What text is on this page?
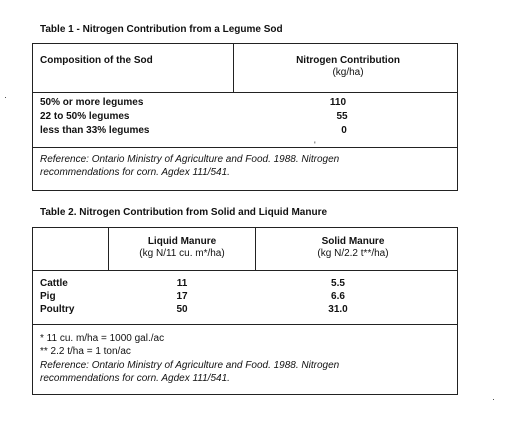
Table 1 - Nitrogen Contribution from a Legume Sod
Composition of the Sod	Nitrogen Contribution
(kg/ha)
50% or more legumes
22 to 50% legumes
less than 33% legumes
110
55
0
Reference: Ontario Ministry of Agriculture and Food. 1988. Nitrogen
recommendations for corn. Agdex 111/541.
Table 2. Nitrogen Contribution from Solid and Liquid Manure
Liquid Manure
(kg N/11 cu. m*/ha)
Solid Manure
(kg N/2.2 t**/ha)
Cattle
Pig
Poultry
11
17
50
5.5
6.6
31.0
* 11 cu. m/ha = 1000 gal./ac
** 2.2 t/ha = 1 ton/ac
Reference: Ontario Ministry of Agriculture and Food. 1988. Nitrogen
recommendations for corn. Agdex 111/541.
·
'
·
